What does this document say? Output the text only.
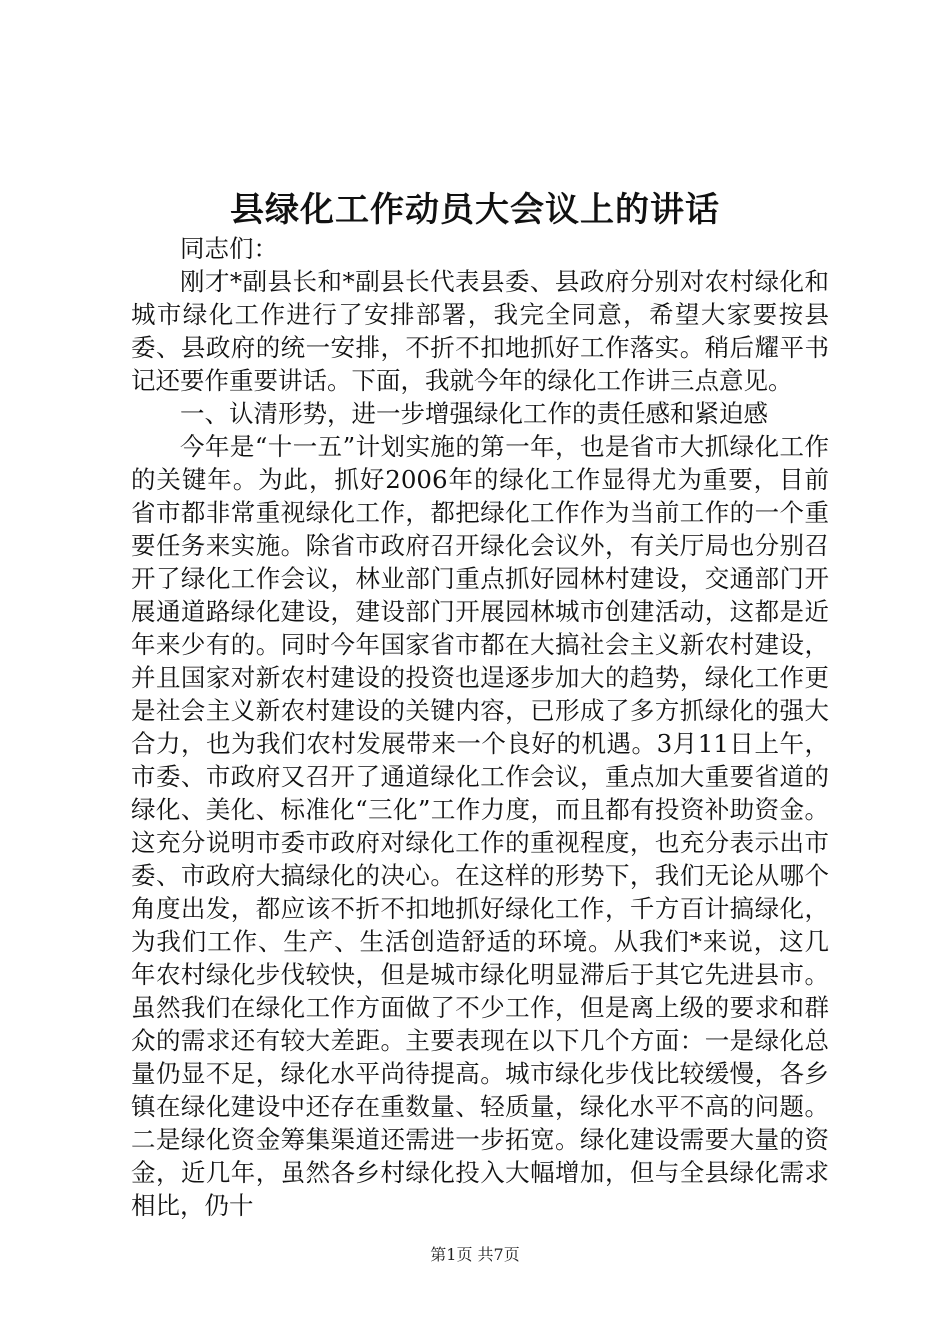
县绿化工作动员大会议上的讲话

同志们：

刚才*副县长和*副县长代表县委、县政府分别对农村绿化和城市绿化工作进行了安排部署，我完全同意，希望大家要按县委、县政府的统一安排，不折不扣地抓好工作落实。稍后耀平书记还要作重要讲话。下面，我就今年的绿化工作讲三点意见。

一、认清形势，进一步增强绿化工作的责任感和紧迫感

今年是“十一五”计划实施的第一年，也是省市大抓绿化工作的关键年。为此，抓好2006年的绿化工作显得尤为重要，目前省市都非常重视绿化工作，都把绿化工作作为当前工作的一个重要任务来实施。除省市政府召开绿化会议外，有关厅局也分别召开了绿化工作会议，林业部门重点抓好园林村建设，交通部门开展通道路绿化建设，建设部门开展园林城市创建活动，这都是近年来少有的。同时今年国家省市都在大搞社会主义新农村建设，并且国家对新农村建设的投资也逞逐步加大的趋势，绿化工作更是社会主义新农村建设的关键内容，已形成了多方抓绿化的强大合力，也为我们农村发展带来一个良好的机遇。3月11日上午，市委、市政府又召开了通道绿化工作会议，重点加大重要省道的绿化、美化、标准化“三化”工作力度，而且都有投资补助资金。这充分说明市委市政府对绿化工作的重视程度，也充分表示出市委、市政府大搞绿化的决心。在这样的形势下，我们无论从哪个角度出发，都应该不折不扣地抓好绿化工作，千方百计搞绿化，为我们工作、生产、生活创造舒适的环境。从我们*来说，这几年农村绿化步伐较快，但是城市绿化明显滞后于其它先进县市。虽然我们在绿化工作方面做了不少工作，但是离上级的要求和群众的需求还有较大差距。主要表现在以下几个方面：一是绿化总量仍显不足，绿化水平尚待提高。城市绿化步伐比较缓慢，各乡镇在绿化建设中还存在重数量、轻质量，绿化水平不高的问题。二是绿化资金筹集渠道还需进一步拓宽。绿化建设需要大量的资金，近几年，虽然各乡村绿化投入大幅增加，但与全县绿化需求相比，仍十

第1页 共7页
